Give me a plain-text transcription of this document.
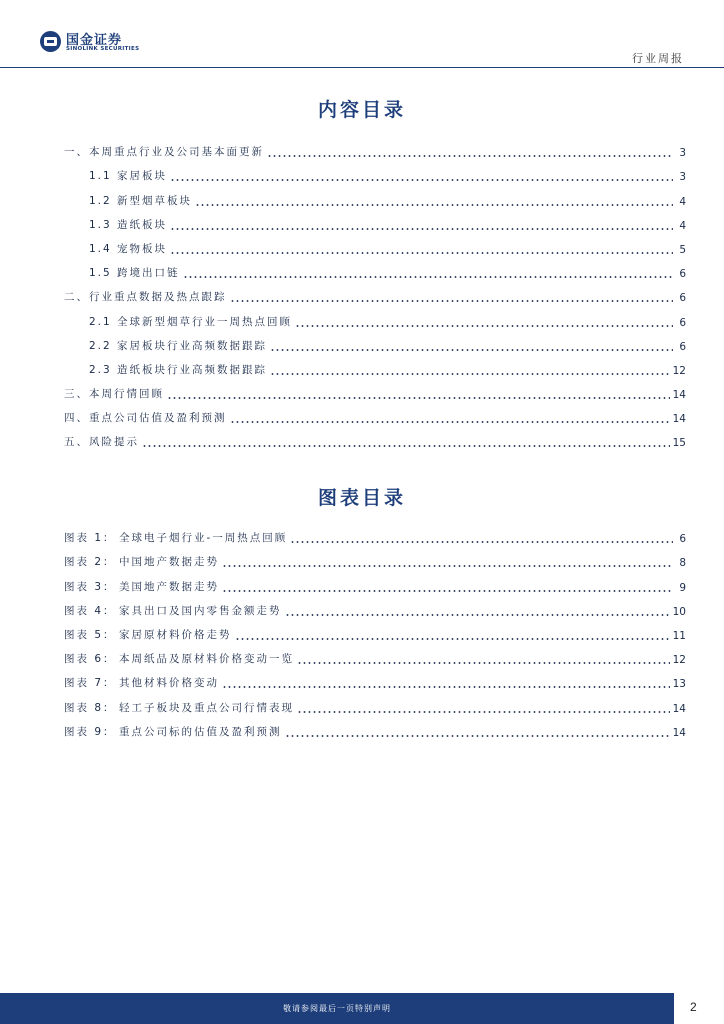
国金证券
SINOLINK SECURITIES
行业周报
内容目录
一、本周重点行业及公司基本面更新	3
1.1 家居板块	3
1.2 新型烟草板块	4
1.3 造纸板块	4
1.4 宠物板块	5
1.5 跨境出口链	6
二、行业重点数据及热点跟踪	6
2.1 全球新型烟草行业一周热点回顾	6
2.2 家居板块行业高频数据跟踪	6
2.3 造纸板块行业高频数据跟踪	12
三、本周行情回顾	14
四、重点公司估值及盈利预测	14
五、风险提示	15
图表目录
图表 1： 全球电子烟行业-一周热点回顾	6
图表 2： 中国地产数据走势	8
图表 3： 美国地产数据走势	9
图表 4： 家具出口及国内零售金额走势	10
图表 5： 家居原材料价格走势	11
图表 6： 本周纸品及原材料价格变动一览	12
图表 7： 其他材料价格变动	13
图表 8： 轻工子板块及重点公司行情表现	14
图表 9： 重点公司标的估值及盈利预测	14
敬请参阅最后一页特别声明	2
